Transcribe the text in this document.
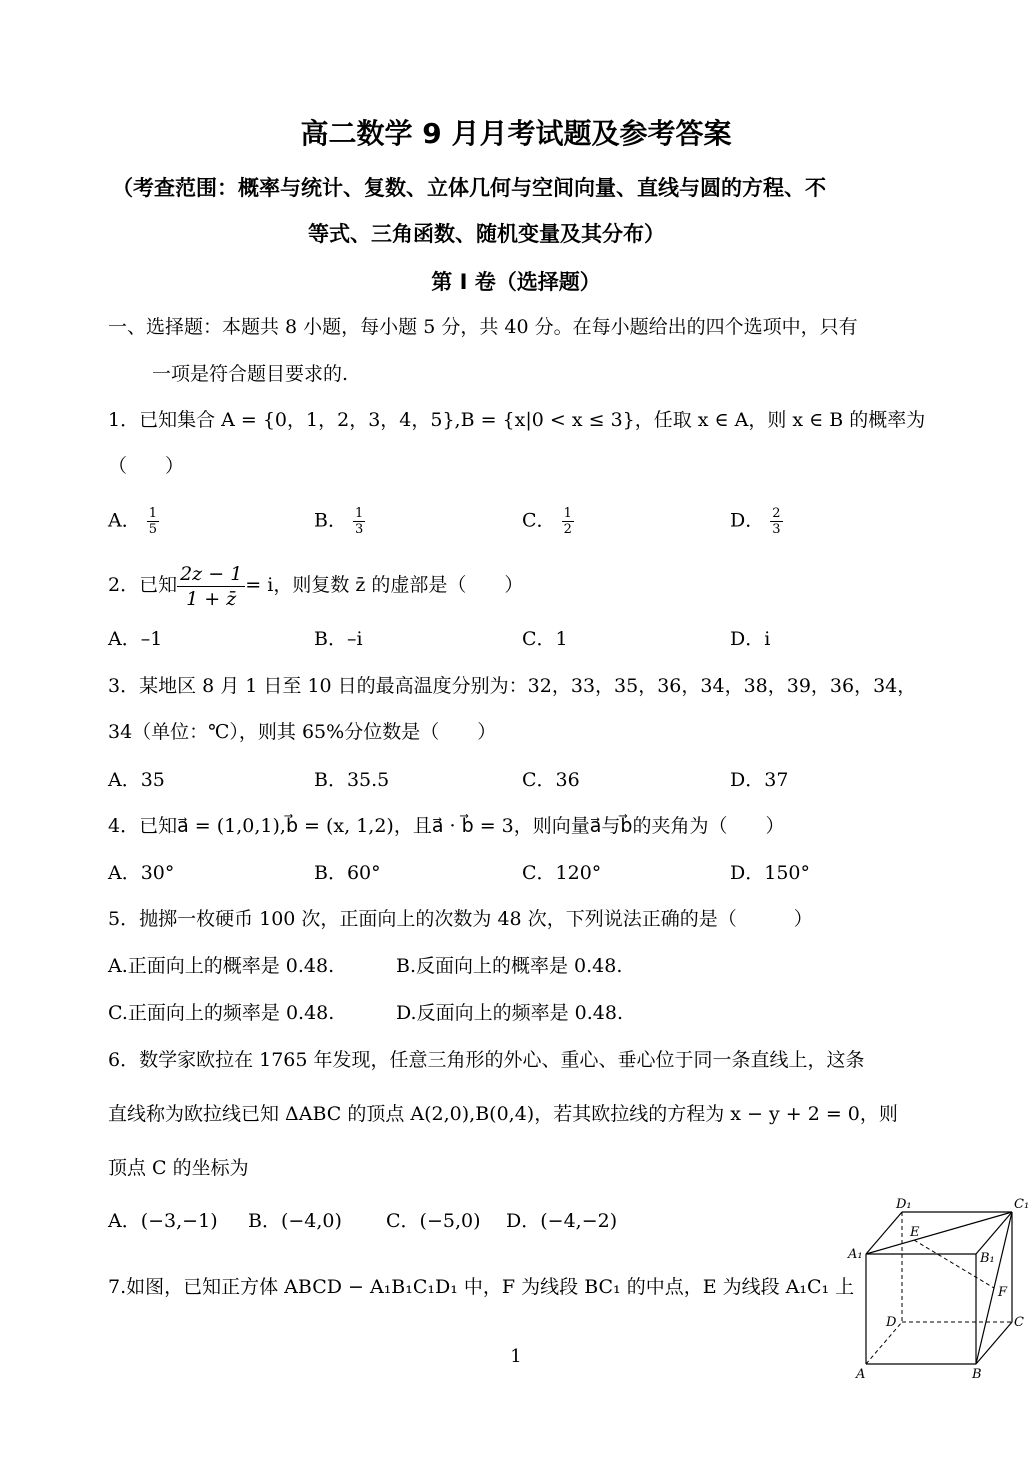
高二数学 9 月月考试题及参考答案
（考查范围：概率与统计、复数、立体几何与空间向量、直线与圆的方程、不
等式、三角函数、随机变量及其分布）
第 I 卷（选择题）
一、选择题：本题共 8 小题，每小题 5 分，共 40 分。在每小题给出的四个选项中，只有
一项是符合题目要求的.
1．已知集合 A = {0，1，2，3，4，5},B = {x|0 < x ≤ 3}，任取 x ∈ A，则 x ∈ B 的概率为
（　　）
A． $\frac{1}{5}$	B． $\frac{1}{3}$	C． $\frac{1}{2}$	D． $\frac{2}{3}$
2．已知 $\frac{2z - 1}{1 + z̄} = i$，则复数 z̄ 的虚部是（　　）
A．–1	B．–i	C．1	D．i
3．某地区 8 月 1 日至 10 日的最高温度分别为：32，33，35，36，34，38，39，36，34，
34（单位：℃），则其 65%分位数是（　　）
A．35	B．35.5	C．36	D．37
4．已知a⃗ = (1,0,1),b⃗ = (x, 1,2)，且a⃗ · b⃗ = 3，则向量a⃗与b⃗的夹角为（　　）
A．30°	B．60°	C．120°	D．150°
5．抛掷一枚硬币 100 次，正面向上的次数为 48 次，下列说法正确的是（　　　）
A.正面向上的概率是 0.48.	B.反面向上的概率是 0.48.
C.正面向上的频率是 0.48.	D.反面向上的频率是 0.48.
6．数学家欧拉在 1765 年发现，任意三角形的外心、重心、垂心位于同一条直线上，这条
直线称为欧拉线已知 ΔABC 的顶点 A(2,0),B(0,4)，若其欧拉线的方程为 x − y + 2 = 0，则
顶点 C 的坐标为
A．(−3,−1) B．(−4,0) C．(−5,0) D．(−4,−2)
7.如图，已知正方体 ABCD − A₁B₁C₁D₁ 中，F 为线段 BC₁ 的中点，E 为线段 A₁C₁ 上
D₁	C₁
A₁
E
B₁
F
D	C
A	B
1
